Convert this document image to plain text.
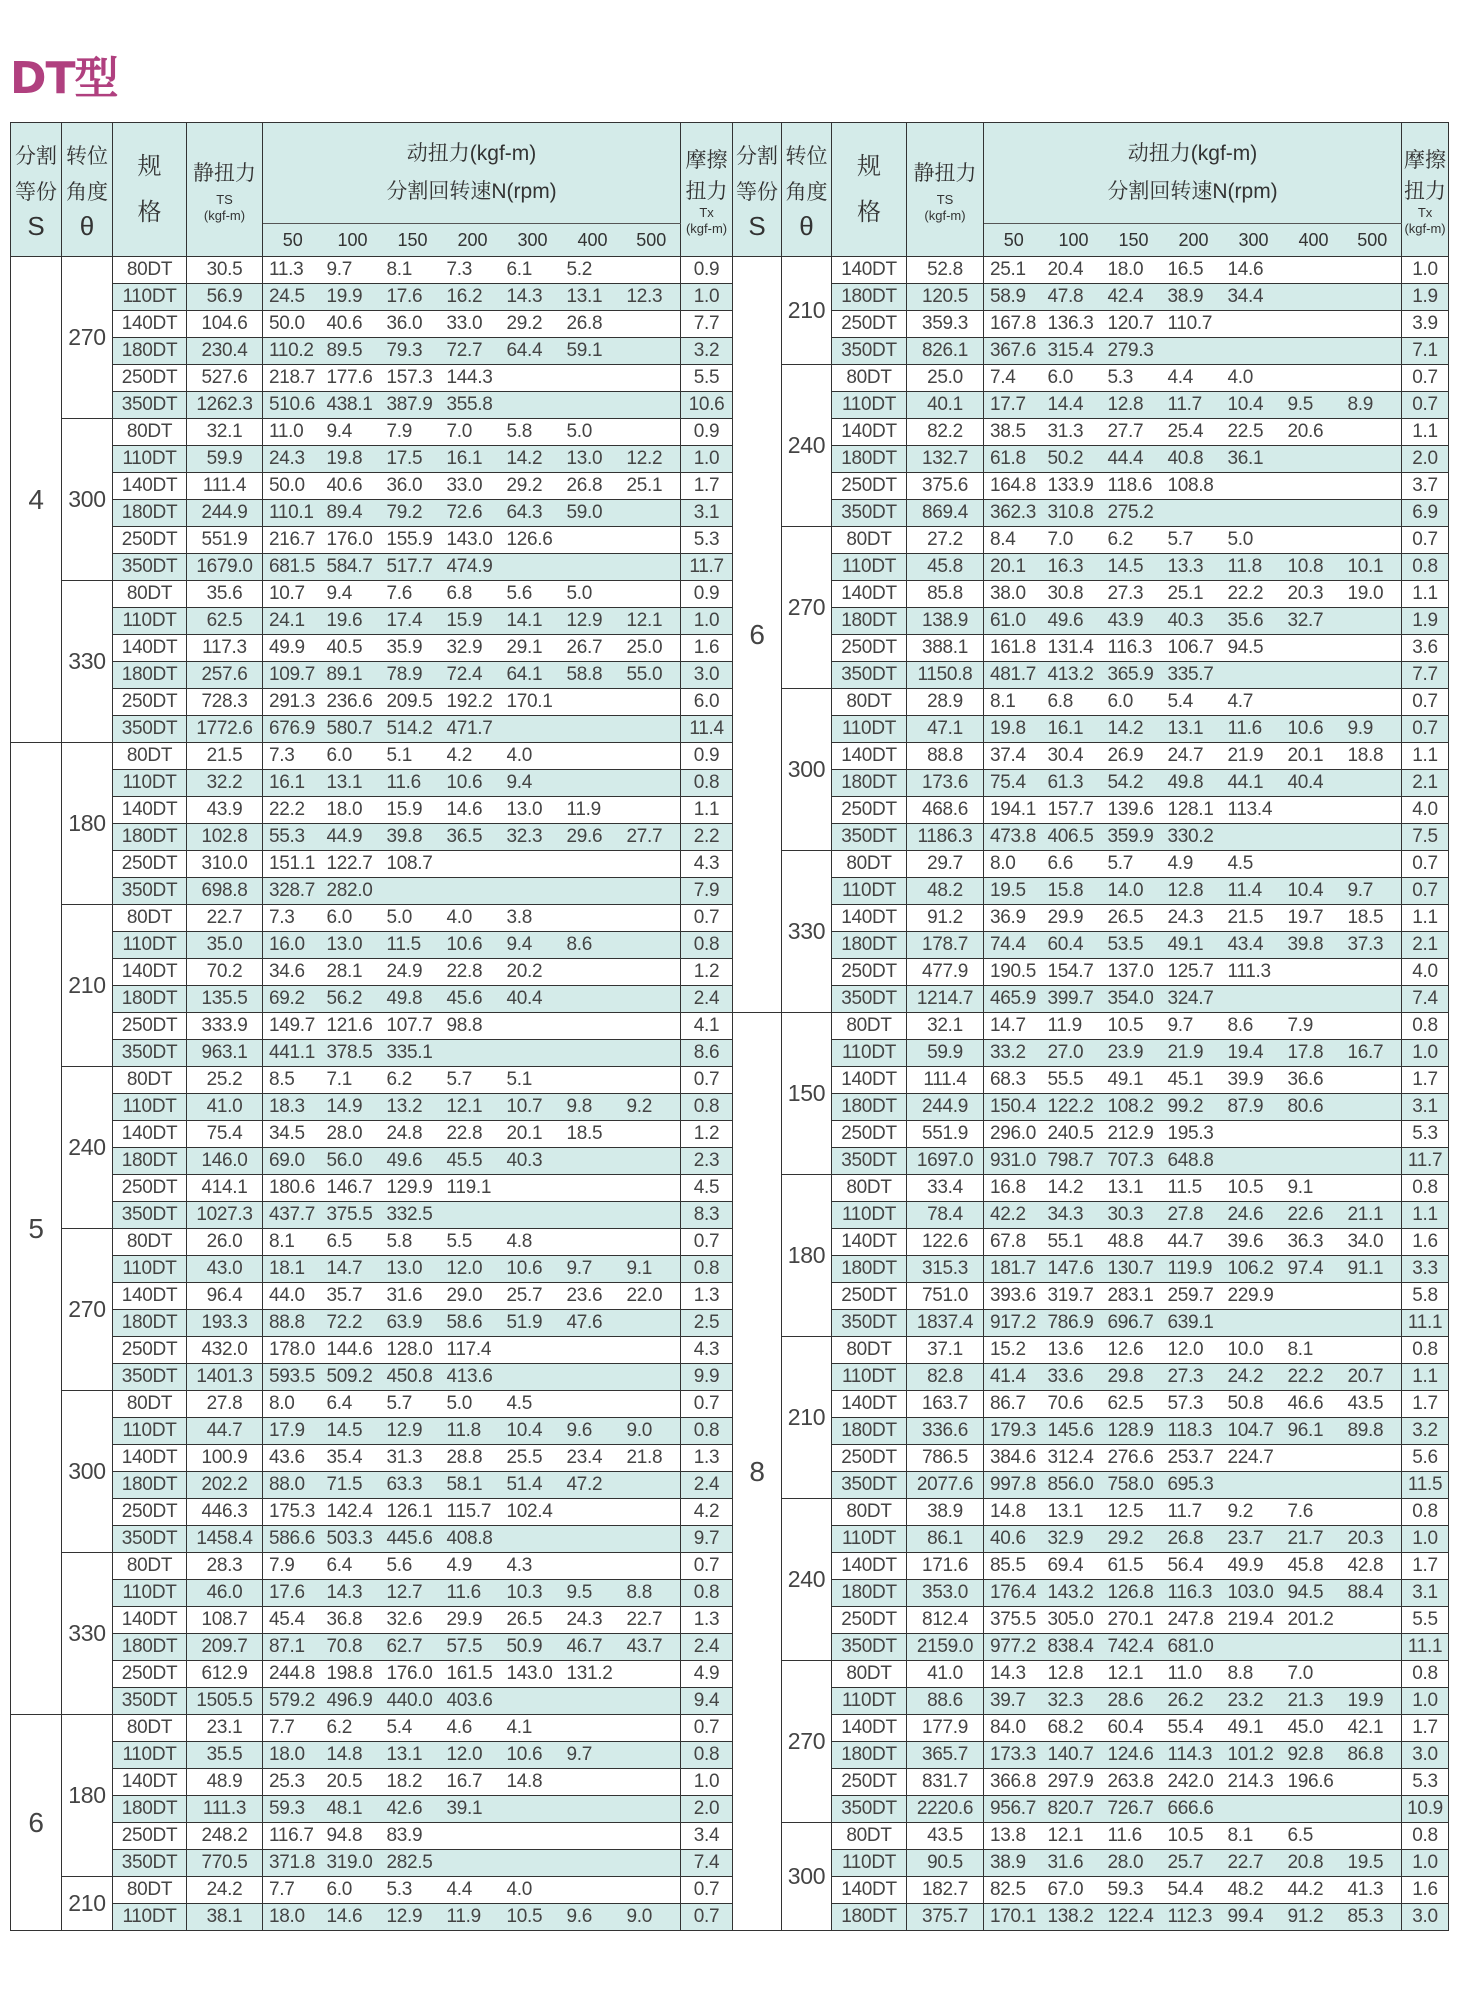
DT型
分割
等份
S	转位
角度
θ	规
格	静扭力
TS
(kgf-m)	动扭力(kgf-m)
分割回转速N(rpm)							摩擦
扭力
Tx
(kgf-m)

				50	100	150	200	300	400	500	
4	270	80DT	30.5	11.3	9.7	8.1	7.3	6.1	5.2		0.9
		110DT	56.9	24.5	19.9	17.6	16.2	14.3	13.1	12.3	1.0
		140DT	104.6	50.0	40.6	36.0	33.0	29.2	26.8		7.7
		180DT	230.4	110.2	89.5	79.3	72.7	64.4	59.1		3.2
		250DT	527.6	218.7	177.6	157.3	144.3				5.5
		350DT	1262.3	510.6	438.1	387.9	355.8				10.6
	300	80DT	32.1	11.0	9.4	7.9	7.0	5.8	5.0		0.9
		110DT	59.9	24.3	19.8	17.5	16.1	14.2	13.0	12.2	1.0
		140DT	111.4	50.0	40.6	36.0	33.0	29.2	26.8	25.1	1.7
		180DT	244.9	110.1	89.4	79.2	72.6	64.3	59.0		3.1
		250DT	551.9	216.7	176.0	155.9	143.0	126.6			5.3
		350DT	1679.0	681.5	584.7	517.7	474.9				11.7
	330	80DT	35.6	10.7	9.4	7.6	6.8	5.6	5.0		0.9
		110DT	62.5	24.1	19.6	17.4	15.9	14.1	12.9	12.1	1.0
		140DT	117.3	49.9	40.5	35.9	32.9	29.1	26.7	25.0	1.6
		180DT	257.6	109.7	89.1	78.9	72.4	64.1	58.8	55.0	3.0
		250DT	728.3	291.3	236.6	209.5	192.2	170.1			6.0
		350DT	1772.6	676.9	580.7	514.2	471.7				11.4
5	180	80DT	21.5	7.3	6.0	5.1	4.2	4.0			0.9
		110DT	32.2	16.1	13.1	11.6	10.6	9.4			0.8
		140DT	43.9	22.2	18.0	15.9	14.6	13.0	11.9		1.1
		180DT	102.8	55.3	44.9	39.8	36.5	32.3	29.6	27.7	2.2
		250DT	310.0	151.1	122.7	108.7					4.3
		350DT	698.8	328.7	282.0						7.9
	210	80DT	22.7	7.3	6.0	5.0	4.0	3.8			0.7
		110DT	35.0	16.0	13.0	11.5	10.6	9.4	8.6		0.8
		140DT	70.2	34.6	28.1	24.9	22.8	20.2			1.2
		180DT	135.5	69.2	56.2	49.8	45.6	40.4			2.4
		250DT	333.9	149.7	121.6	107.7	98.8				4.1
		350DT	963.1	441.1	378.5	335.1					8.6
	240	80DT	25.2	8.5	7.1	6.2	5.7	5.1			0.7
		110DT	41.0	18.3	14.9	13.2	12.1	10.7	9.8	9.2	0.8
		140DT	75.4	34.5	28.0	24.8	22.8	20.1	18.5		1.2
		180DT	146.0	69.0	56.0	49.6	45.5	40.3			2.3
		250DT	414.1	180.6	146.7	129.9	119.1				4.5
		350DT	1027.3	437.7	375.5	332.5					8.3
	270	80DT	26.0	8.1	6.5	5.8	5.5	4.8			0.7
		110DT	43.0	18.1	14.7	13.0	12.0	10.6	9.7	9.1	0.8
		140DT	96.4	44.0	35.7	31.6	29.0	25.7	23.6	22.0	1.3
		180DT	193.3	88.8	72.2	63.9	58.6	51.9	47.6		2.5
		250DT	432.0	178.0	144.6	128.0	117.4				4.3
		350DT	1401.3	593.5	509.2	450.8	413.6				9.9
	300	80DT	27.8	8.0	6.4	5.7	5.0	4.5			0.7
		110DT	44.7	17.9	14.5	12.9	11.8	10.4	9.6	9.0	0.8
		140DT	100.9	43.6	35.4	31.3	28.8	25.5	23.4	21.8	1.3
		180DT	202.2	88.0	71.5	63.3	58.1	51.4	47.2		2.4
		250DT	446.3	175.3	142.4	126.1	115.7	102.4			4.2
		350DT	1458.4	586.6	503.3	445.6	408.8				9.7
	330	80DT	28.3	7.9	6.4	5.6	4.9	4.3			0.7
		110DT	46.0	17.6	14.3	12.7	11.6	10.3	9.5	8.8	0.8
		140DT	108.7	45.4	36.8	32.6	29.9	26.5	24.3	22.7	1.3
		180DT	209.7	87.1	70.8	62.7	57.5	50.9	46.7	43.7	2.4
		250DT	612.9	244.8	198.8	176.0	161.5	143.0	131.2		4.9
		350DT	1505.5	579.2	496.9	440.0	403.6				9.4
6	180	80DT	23.1	7.7	6.2	5.4	4.6	4.1			0.7
		110DT	35.5	18.0	14.8	13.1	12.0	10.6	9.7		0.8
		140DT	48.9	25.3	20.5	18.2	16.7	14.8			1.0
		180DT	111.3	59.3	48.1	42.6	39.1				2.0
		250DT	248.2	116.7	94.8	83.9					3.4
		350DT	770.5	371.8	319.0	282.5					7.4
	210	80DT	24.2	7.7	6.0	5.3	4.4	4.0			0.7
		110DT	38.1	18.0	14.6	12.9	11.9	10.5	9.6	9.0	0.7
分割
等份
S	转位
角度
θ	规
格	静扭力
TS
(kgf-m)	动扭力(kgf-m)
分割回转速N(rpm)							摩擦
扭力
Tx
(kgf-m)

				50	100	150	200	300	400	500	
6	210	140DT	52.8	25.1	20.4	18.0	16.5	14.6			1.0
		180DT	120.5	58.9	47.8	42.4	38.9	34.4			1.9
		250DT	359.3	167.8	136.3	120.7	110.7				3.9
		350DT	826.1	367.6	315.4	279.3					7.1
	240	80DT	25.0	7.4	6.0	5.3	4.4	4.0			0.7
		110DT	40.1	17.7	14.4	12.8	11.7	10.4	9.5	8.9	0.7
		140DT	82.2	38.5	31.3	27.7	25.4	22.5	20.6		1.1
		180DT	132.7	61.8	50.2	44.4	40.8	36.1			2.0
		250DT	375.6	164.8	133.9	118.6	108.8				3.7
		350DT	869.4	362.3	310.8	275.2					6.9
	270	80DT	27.2	8.4	7.0	6.2	5.7	5.0			0.7
		110DT	45.8	20.1	16.3	14.5	13.3	11.8	10.8	10.1	0.8
		140DT	85.8	38.0	30.8	27.3	25.1	22.2	20.3	19.0	1.1
		180DT	138.9	61.0	49.6	43.9	40.3	35.6	32.7		1.9
		250DT	388.1	161.8	131.4	116.3	106.7	94.5			3.6
		350DT	1150.8	481.7	413.2	365.9	335.7				7.7
	300	80DT	28.9	8.1	6.8	6.0	5.4	4.7			0.7
		110DT	47.1	19.8	16.1	14.2	13.1	11.6	10.6	9.9	0.7
		140DT	88.8	37.4	30.4	26.9	24.7	21.9	20.1	18.8	1.1
		180DT	173.6	75.4	61.3	54.2	49.8	44.1	40.4		2.1
		250DT	468.6	194.1	157.7	139.6	128.1	113.4			4.0
		350DT	1186.3	473.8	406.5	359.9	330.2				7.5
	330	80DT	29.7	8.0	6.6	5.7	4.9	4.5			0.7
		110DT	48.2	19.5	15.8	14.0	12.8	11.4	10.4	9.7	0.7
		140DT	91.2	36.9	29.9	26.5	24.3	21.5	19.7	18.5	1.1
		180DT	178.7	74.4	60.4	53.5	49.1	43.4	39.8	37.3	2.1
		250DT	477.9	190.5	154.7	137.0	125.7	111.3			4.0
		350DT	1214.7	465.9	399.7	354.0	324.7				7.4
8	150	80DT	32.1	14.7	11.9	10.5	9.7	8.6	7.9		0.8
		110DT	59.9	33.2	27.0	23.9	21.9	19.4	17.8	16.7	1.0
		140DT	111.4	68.3	55.5	49.1	45.1	39.9	36.6		1.7
		180DT	244.9	150.4	122.2	108.2	99.2	87.9	80.6		3.1
		250DT	551.9	296.0	240.5	212.9	195.3				5.3
		350DT	1697.0	931.0	798.7	707.3	648.8				11.7
	180	80DT	33.4	16.8	14.2	13.1	11.5	10.5	9.1		0.8
		110DT	78.4	42.2	34.3	30.3	27.8	24.6	22.6	21.1	1.1
		140DT	122.6	67.8	55.1	48.8	44.7	39.6	36.3	34.0	1.6
		180DT	315.3	181.7	147.6	130.7	119.9	106.2	97.4	91.1	3.3
		250DT	751.0	393.6	319.7	283.1	259.7	229.9			5.8
		350DT	1837.4	917.2	786.9	696.7	639.1				11.1
	210	80DT	37.1	15.2	13.6	12.6	12.0	10.0	8.1		0.8
		110DT	82.8	41.4	33.6	29.8	27.3	24.2	22.2	20.7	1.1
		140DT	163.7	86.7	70.6	62.5	57.3	50.8	46.6	43.5	1.7
		180DT	336.6	179.3	145.6	128.9	118.3	104.7	96.1	89.8	3.2
		250DT	786.5	384.6	312.4	276.6	253.7	224.7			5.6
		350DT	2077.6	997.8	856.0	758.0	695.3				11.5
	240	80DT	38.9	14.8	13.1	12.5	11.7	9.2	7.6		0.8
		110DT	86.1	40.6	32.9	29.2	26.8	23.7	21.7	20.3	1.0
		140DT	171.6	85.5	69.4	61.5	56.4	49.9	45.8	42.8	1.7
		180DT	353.0	176.4	143.2	126.8	116.3	103.0	94.5	88.4	3.1
		250DT	812.4	375.5	305.0	270.1	247.8	219.4	201.2		5.5
		350DT	2159.0	977.2	838.4	742.4	681.0				11.1
	270	80DT	41.0	14.3	12.8	12.1	11.0	8.8	7.0		0.8
		110DT	88.6	39.7	32.3	28.6	26.2	23.2	21.3	19.9	1.0
		140DT	177.9	84.0	68.2	60.4	55.4	49.1	45.0	42.1	1.7
		180DT	365.7	173.3	140.7	124.6	114.3	101.2	92.8	86.8	3.0
		250DT	831.7	366.8	297.9	263.8	242.0	214.3	196.6		5.3
		350DT	2220.6	956.7	820.7	726.7	666.6				10.9
	300	80DT	43.5	13.8	12.1	11.6	10.5	8.1	6.5		0.8
		110DT	90.5	38.9	31.6	28.0	25.7	22.7	20.8	19.5	1.0
		140DT	182.7	82.5	67.0	59.3	54.4	48.2	44.2	41.3	1.6
		180DT	375.7	170.1	138.2	122.4	112.3	99.4	91.2	85.3	3.0
